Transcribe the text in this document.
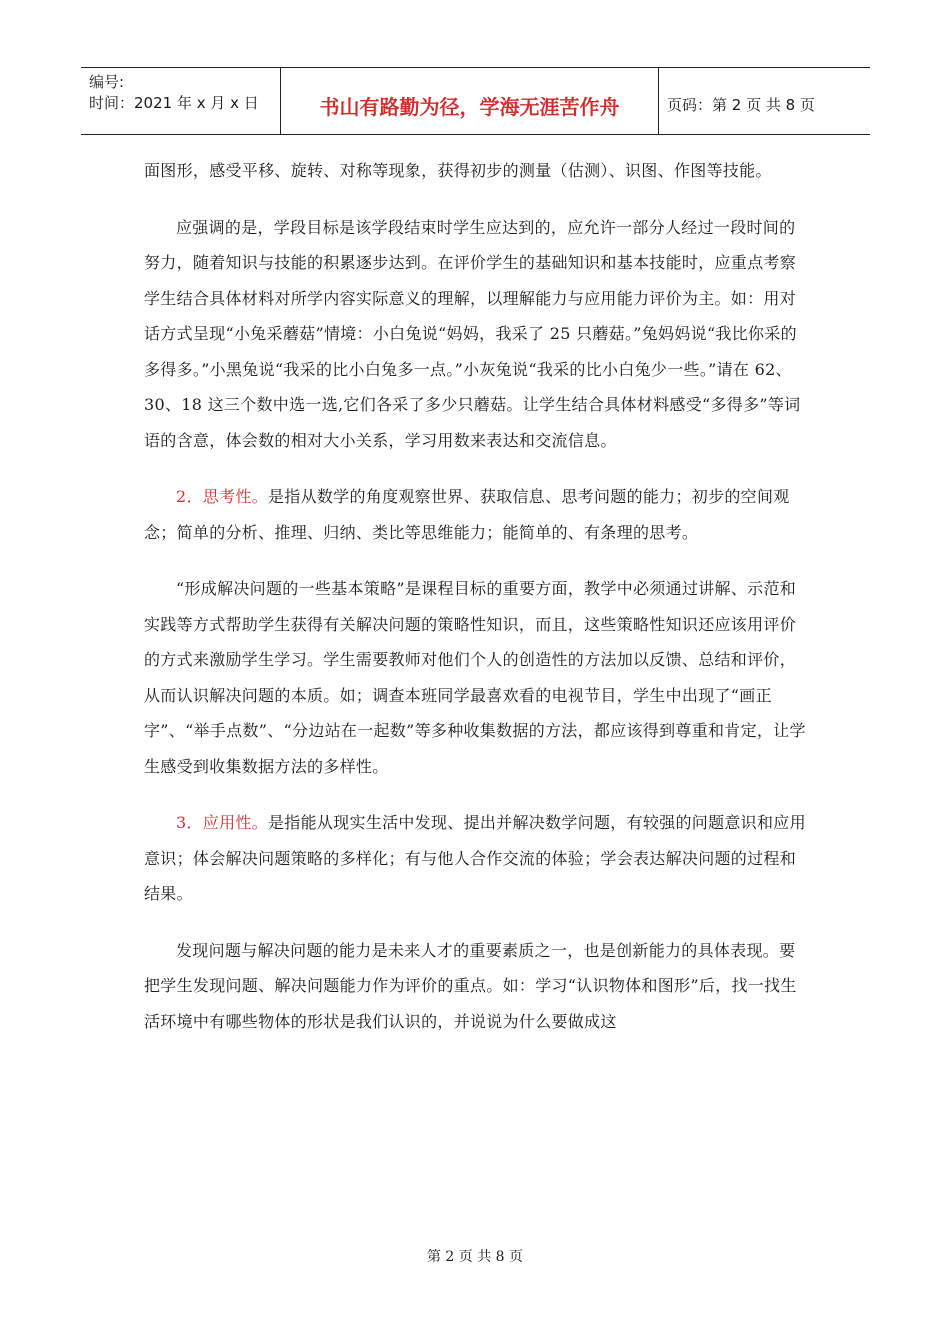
编号:
时间：2021 年 x 月 x 日	书山有路勤为径，学海无涯苦作舟	页码：第 2 页 共 8 页

面图形，感受平移、旋转、对称等现象，获得初步的测量（估测）、识图、作图等技能。

应强调的是，学段目标是该学段结束时学生应达到的，应允许一部分人经过一段时间的努力，随着知识与技能的积累逐步达到。在评价学生的基础知识和基本技能时，应重点考察学生结合具体材料对所学内容实际意义的理解，以理解能力与应用能力评价为主。如：用对话方式呈现“小兔采蘑菇”情境：小白兔说“妈妈，我采了 25 只蘑菇。”兔妈妈说“我比你采的多得多。”小黑兔说“我采的比小白兔多一点。”小灰兔说“我采的比小白兔少一些。”请在 62、30、18 这三个数中选一选,它们各采了多少只蘑菇。让学生结合具体材料感受“多得多”等词语的含意，体会数的相对大小关系，学习用数来表达和交流信息。

2．思考性。是指从数学的角度观察世界、获取信息、思考问题的能力；初步的空间观念；简单的分析、推理、归纳、类比等思维能力；能简单的、有条理的思考。

“形成解决问题的一些基本策略”是课程目标的重要方面，教学中必须通过讲解、示范和实践等方式帮助学生获得有关解决问题的策略性知识，而且，这些策略性知识还应该用评价的方式来激励学生学习。学生需要教师对他们个人的创造性的方法加以反馈、总结和评价，从而认识解决问题的本质。如；调查本班同学最喜欢看的电视节目，学生中出现了“画正字”、“举手点数”、“分边站在一起数”等多种收集数据的方法，都应该得到尊重和肯定，让学生感受到收集数据方法的多样性。

3．应用性。是指能从现实生活中发现、提出并解决数学问题，有较强的问题意识和应用意识；体会解决问题策略的多样化；有与他人合作交流的体验；学会表达解决问题的过程和结果。

发现问题与解决问题的能力是未来人才的重要素质之一，也是创新能力的具体表现。要把学生发现问题、解决问题能力作为评价的重点。如：学习“认识物体和图形”后，找一找生活环境中有哪些物体的形状是我们认识的，并说说为什么要做成这

第 2 页 共 8 页
